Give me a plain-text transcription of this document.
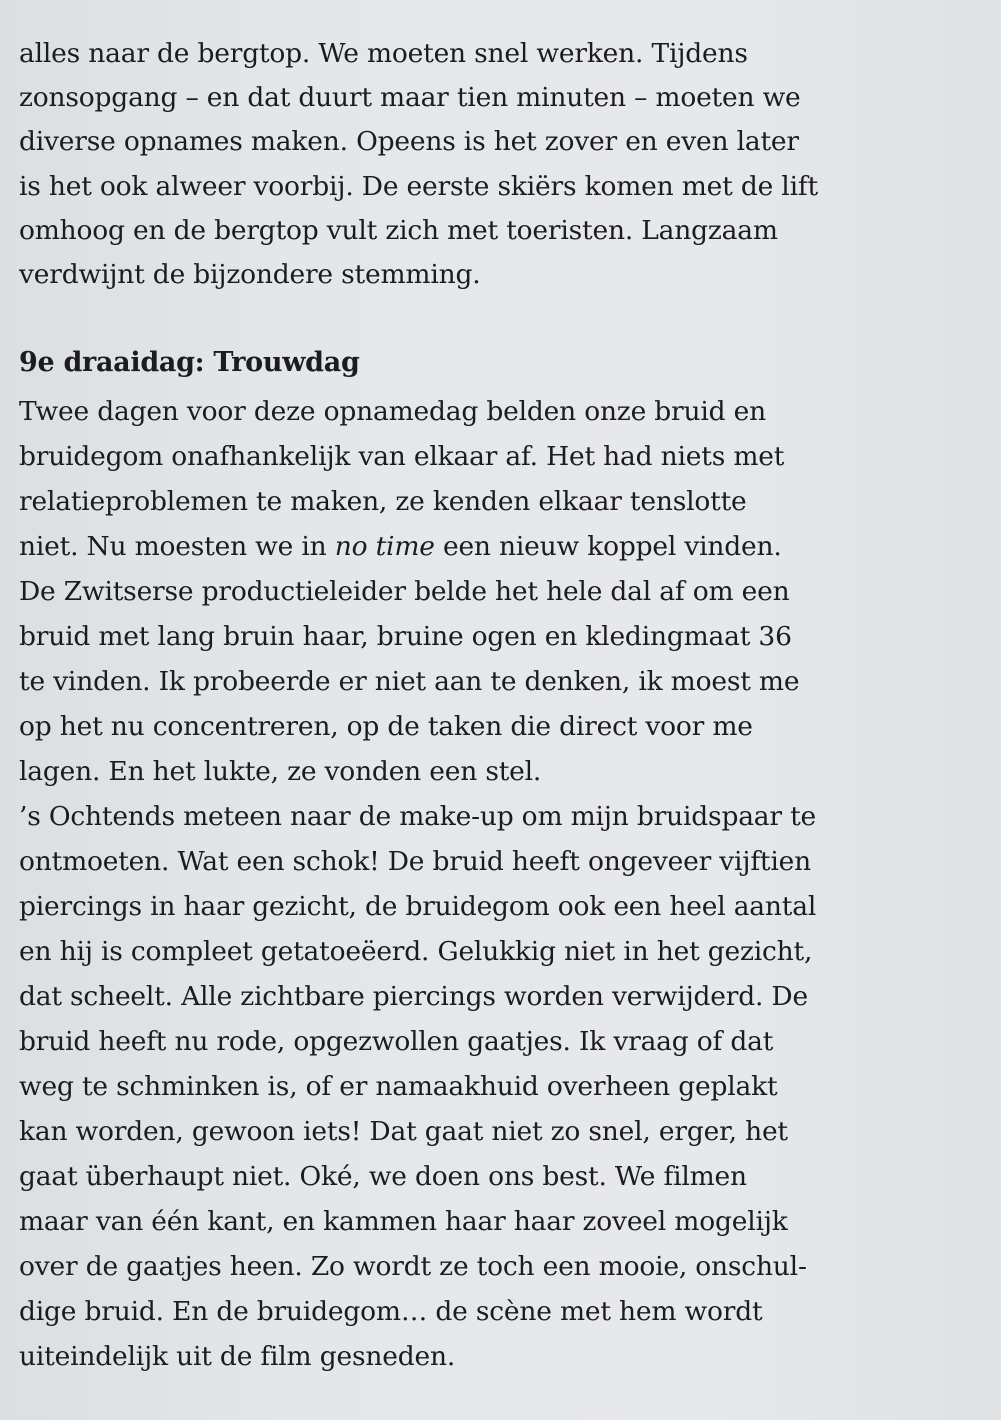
alles naar de bergtop. We moeten snel werken. Tijdens
zonsopgang – en dat duurt maar tien minuten – moeten we
diverse opnames maken. Opeens is het zover en even later
is het ook alweer voorbij. De eerste skiërs komen met de lift
omhoog en de bergtop vult zich met toeristen. Langzaam
verdwijnt de bijzondere stemming.
9e draaidag: Trouwdag
Twee dagen voor deze opnamedag belden onze bruid en
bruidegom onafhankelijk van elkaar af. Het had niets met
relatieproblemen te maken, ze kenden elkaar tenslotte
niet. Nu moesten we in no time een nieuw koppel vinden.
De Zwitserse productieleider belde het hele dal af om een
bruid met lang bruin haar, bruine ogen en kledingmaat 36
te vinden. Ik probeerde er niet aan te denken, ik moest me
op het nu concentreren, op de taken die direct voor me
lagen. En het lukte, ze vonden een stel.
’s Ochtends meteen naar de make-up om mijn bruidspaar te
ontmoeten. Wat een schok! De bruid heeft ongeveer vijftien
piercings in haar gezicht, de bruidegom ook een heel aantal
en hij is compleet getatoeëerd. Gelukkig niet in het gezicht,
dat scheelt. Alle zichtbare piercings worden verwijderd. De
bruid heeft nu rode, opgezwollen gaatjes. Ik vraag of dat
weg te schminken is, of er namaakhuid overheen geplakt
kan worden, gewoon iets! Dat gaat niet zo snel, erger, het
gaat überhaupt niet. Oké, we doen ons best. We filmen
maar van één kant, en kammen haar haar zoveel mogelijk
over de gaatjes heen. Zo wordt ze toch een mooie, onschul-
dige bruid. En de bruidegom… de scène met hem wordt
uiteindelijk uit de film gesneden.
